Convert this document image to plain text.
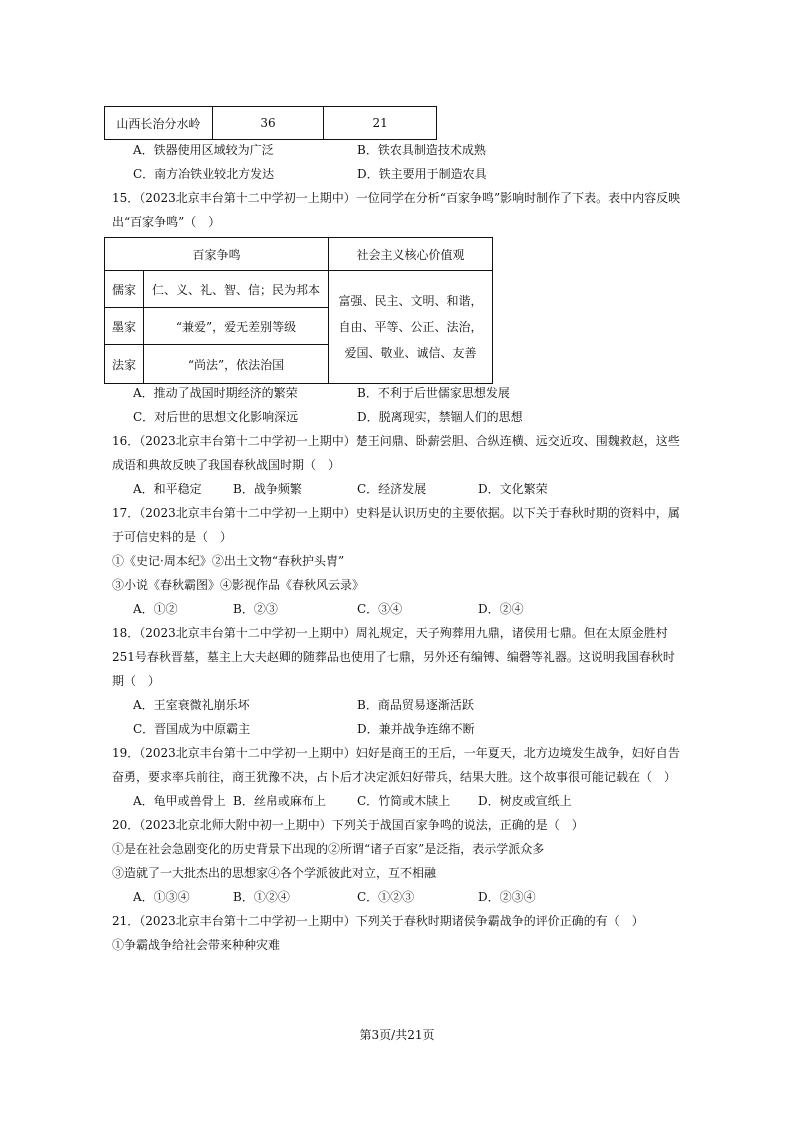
山西长治分水岭	36	21
A．铁器使用区域较为广泛	B．铁农具制造技术成熟
C．南方冶铁业较北方发达	D．铁主要用于制造农具
15．（2023北京丰台第十二中学初一上期中）一位同学在分析“百家争鸣”影响时制作了下表。表中内容反映
出“百家争鸣”（　）
百家争鸣		社会主义核心价值观
儒家	仁、义、礼、智、信；民为邦本	富强、民主、文明、和谐，
自由、平等、公正、法治，
爱国、敬业、诚信、友善

墨家	“兼爱”，爱无差别等级	
法家	“尚法”，依法治国	
A．推动了战国时期经济的繁荣	B．不利于后世儒家思想发展
C．对后世的思想文化影响深远	D．脱离现实，禁锢人们的思想
16．（2023北京丰台第十二中学初一上期中）楚王问鼎、卧薪尝胆、合纵连横、远交近攻、围魏救赵，这些
成语和典故反映了我国春秋战国时期（　）
A．和平稳定	B．战争频繁	C．经济发展	D．文化繁荣
17．（2023北京丰台第十二中学初一上期中）史料是认识历史的主要依据。以下关于春秋时期的资料中，属
于可信史料的是（　）
①《史记·周本纪》②出土文物“春秋护头胄”
③小说《春秋霸图》④影视作品《春秋风云录》
A．①②	B．②③	C．③④	D．②④
18．（2023北京丰台第十二中学初一上期中）周礼规定，天子殉葬用九鼎，诸侯用七鼎。但在太原金胜村
251号春秋晋墓，墓主上大夫赵卿的随葬品也使用了七鼎，另外还有编镈、编磬等礼器。这说明我国春秋时
期（　）
A．王室衰微礼崩乐坏	B．商品贸易逐渐活跃
C．晋国成为中原霸主	D．兼并战争连绵不断
19．（2023北京丰台第十二中学初一上期中）妇好是商王的王后，一年夏天，北方边境发生战争，妇好自告
奋勇，要求率兵前往，商王犹豫不决，占卜后才决定派妇好带兵，结果大胜。这个故事很可能记载在（　）
A．龟甲或兽骨上 B．丝帛或麻布上	C．竹简或木牍上 D．树皮或宣纸上
20．（2023北京北师大附中初一上期中）下列关于战国百家争鸣的说法，正确的是（　）
①是在社会急剧变化的历史背景下出现的②所谓“诸子百家”是泛指，表示学派众多
③造就了一大批杰出的思想家④各个学派彼此对立，互不相融
A．①③④	B．①②④	C．①②③	D．②③④
21．（2023北京丰台第十二中学初一上期中）下列关于春秋时期诸侯争霸战争的评价正确的有（　）
①争霸战争给社会带来种种灾难
第3页/共21页
